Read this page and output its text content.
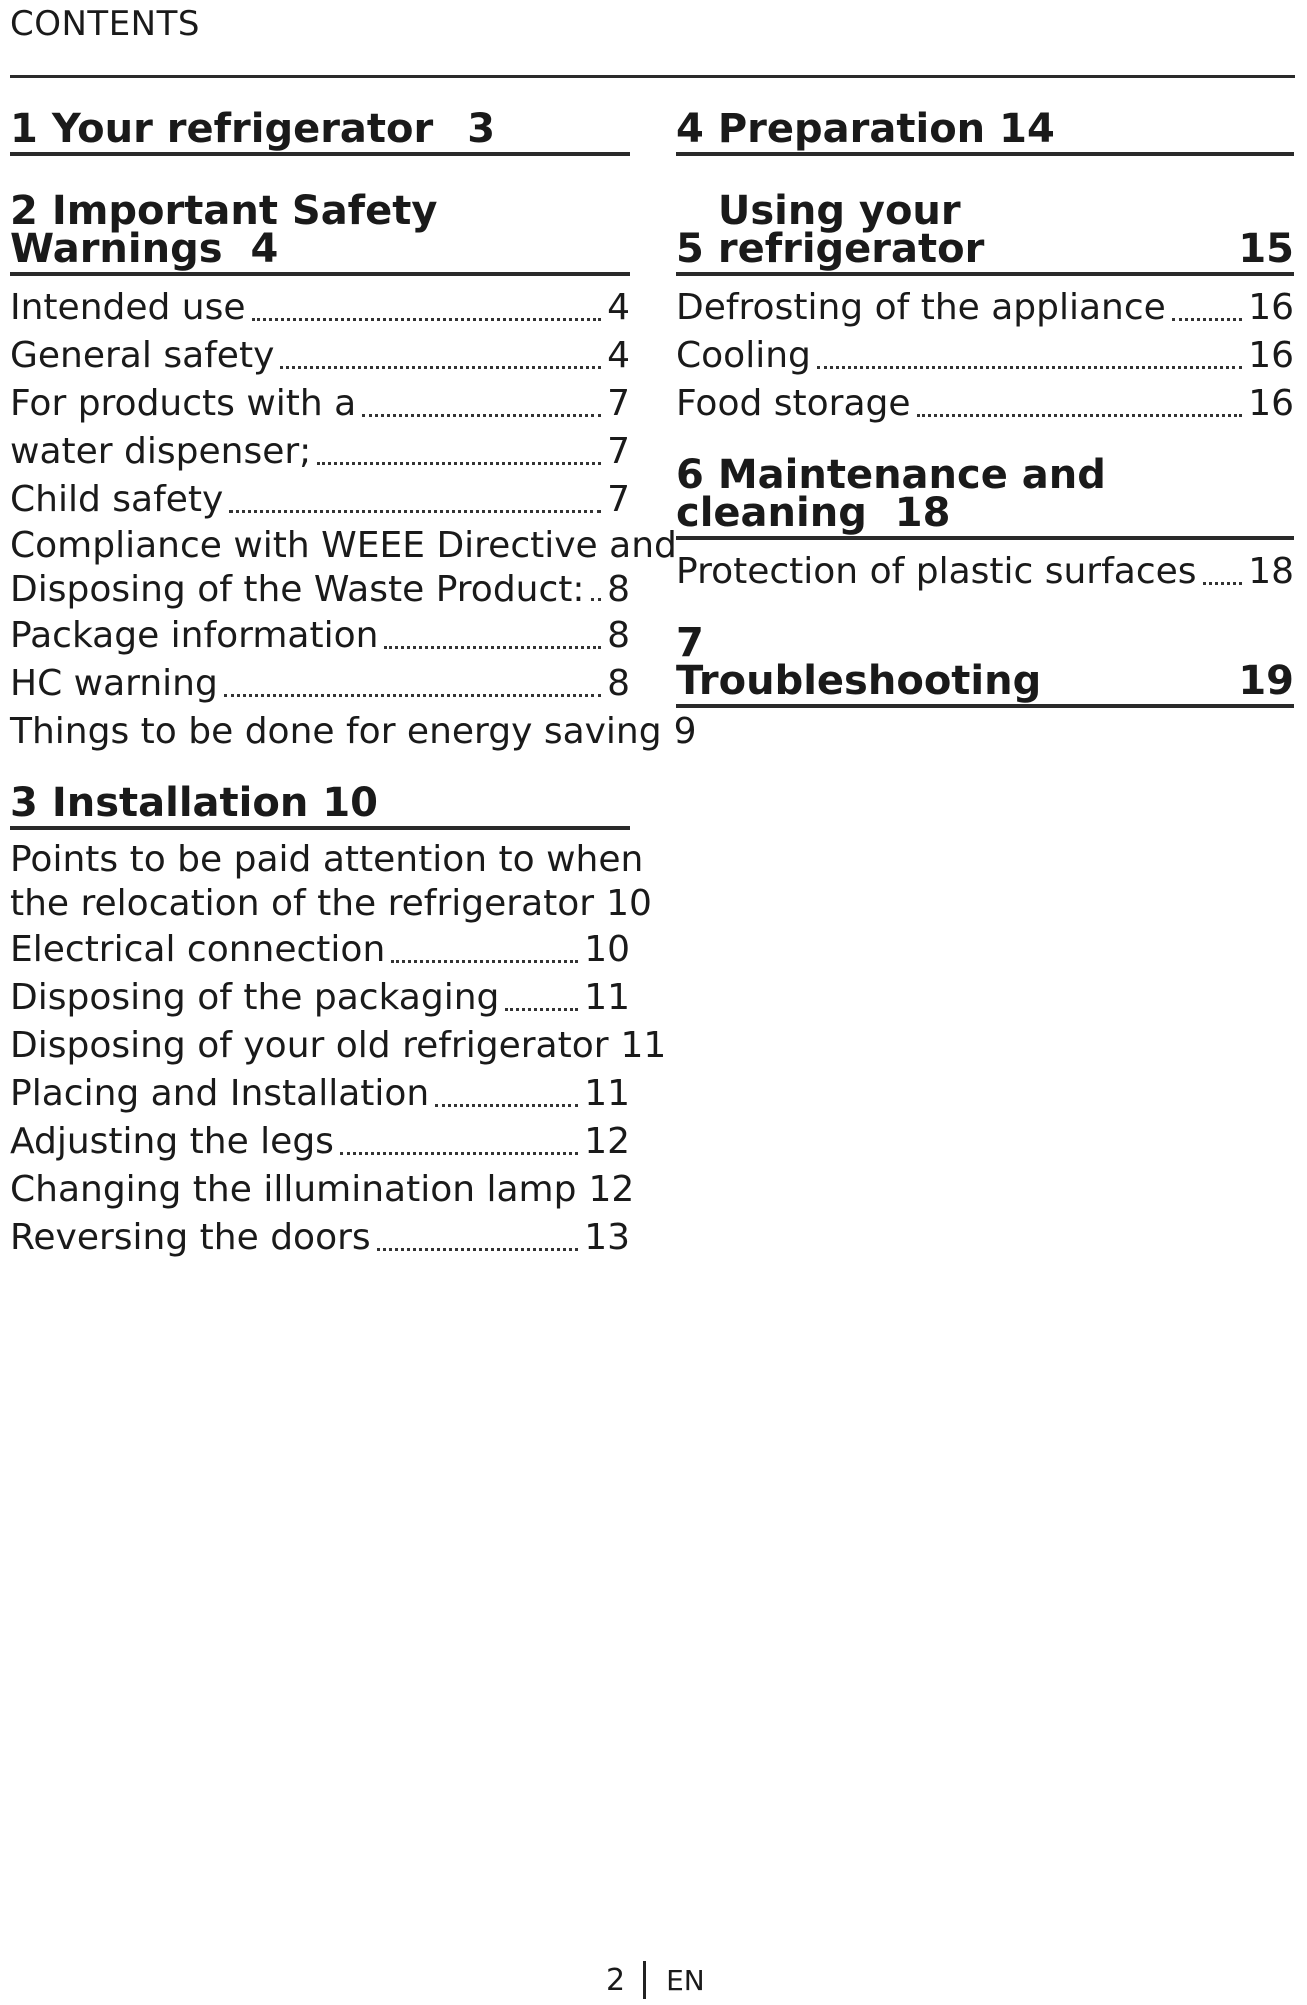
CONTENTS
1 Your refrigerator 3
2 Important Safety
Warnings 4
Intended use	4
General safety	4
For products with a	7
water dispenser;	7
Child safety	7
Compliance with WEEE Directive and
Disposing of the Waste Product: 8
Package information	8
HC warning	8
Things to be done for energy saving 9
3 Installation 10
Points to be paid attention to when
the relocation of the refrigerator 10
Electrical connection	10
Disposing of the packaging 11
Disposing of your old refrigerator 11
Placing and Installation	11
Adjusting the legs	12
Changing the illumination lamp 12
Reversing the doors	13
4 Preparation 14
5
Using your refrigerator	15
Defrosting of the appliance 16
Cooling	16
Food storage	16
6 Maintenance and
cleaning 18
Protection of plastic surfaces 18
7
Troubleshooting	19
2 EN
